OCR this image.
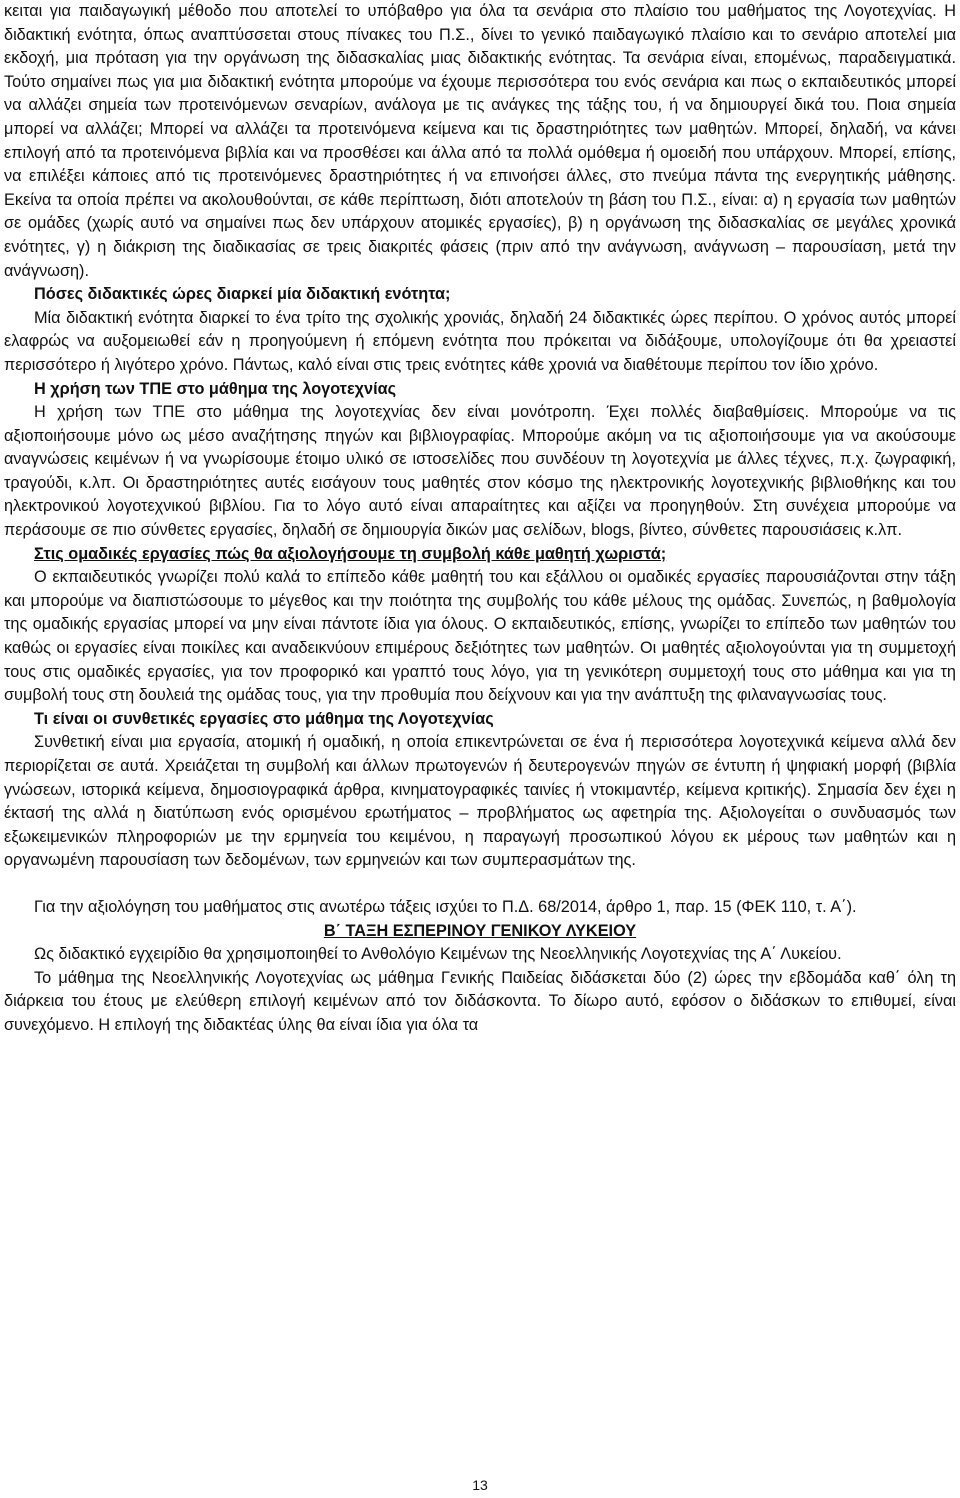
κειται για παιδαγωγική μέθοδο που αποτελεί το υπόβαθρο για όλα τα σενάρια στο πλαίσιο του μαθήματος της Λογοτεχνίας. Η διδακτική ενότητα, όπως αναπτύσσεται στους πίνακες του Π.Σ., δίνει το γενικό παιδαγωγικό πλαίσιο και το σενάριο αποτελεί μια εκδοχή, μια πρόταση για την οργάνωση της διδασκαλίας μιας διδακτικής ενότητας. Τα σενάρια είναι, επομένως, παραδειγματικά. Τούτο σημαίνει πως για μια διδακτική ενότητα μπορούμε να έχουμε περισσότερα του ενός σενάρια και πως ο εκπαιδευτικός μπορεί να αλλάζει σημεία των προτεινόμενων σεναρίων, ανάλογα με τις ανάγκες της τάξης του, ή να δημιουργεί δικά του. Ποια σημεία μπορεί να αλλάζει; Μπορεί να αλλάζει τα προτεινόμενα κείμενα και τις δραστηριότητες των μαθητών. Μπορεί, δηλαδή, να κάνει επιλογή από τα προτεινόμενα βιβλία και να προσθέσει και άλλα από τα πολλά ομόθεμα ή ομοειδή που υπάρχουν. Μπορεί, επίσης, να επιλέξει κάποιες από τις προτεινόμενες δραστηριότητες ή να επινοήσει άλλες, στο πνεύμα πάντα της ενεργητικής μάθησης. Εκείνα τα οποία πρέπει να ακολουθούνται, σε κάθε περίπτωση, διότι αποτελούν τη βάση του Π.Σ., είναι: α) η εργασία των μαθητών σε ομάδες (χωρίς αυτό να σημαίνει πως δεν υπάρχουν ατομικές εργασίες), β) η οργάνωση της διδασκαλίας σε μεγάλες χρονικά ενότητες, γ) η διάκριση της διαδικασίας σε τρεις διακριτές φάσεις (πριν από την ανάγνωση, ανάγνωση – παρουσίαση, μετά την ανάγνωση).

Πόσες διδακτικές ώρες διαρκεί μία διδακτική ενότητα;

Μία διδακτική ενότητα διαρκεί το ένα τρίτο της σχολικής χρονιάς, δηλαδή 24 διδακτικές ώρες περίπου. Ο χρόνος αυτός μπορεί ελαφρώς να αυξομειωθεί εάν η προηγούμενη ή επόμενη ενότητα που πρόκειται να διδάξουμε, υπολογίζουμε ότι θα χρειαστεί περισσότερο ή λιγότερο χρόνο. Πάντως, καλό είναι στις τρεις ενότητες κάθε χρονιά να διαθέτουμε περίπου τον ίδιο χρόνο.

Η χρήση των ΤΠΕ στο μάθημα της λογοτεχνίας

Η χρήση των ΤΠΕ στο μάθημα της λογοτεχνίας δεν είναι μονότροπη. Έχει πολλές διαβαθμίσεις. Μπορούμε να τις αξιοποιήσουμε μόνο ως μέσο αναζήτησης πηγών και βιβλιογραφίας. Μπορούμε ακόμη να τις αξιοποιήσουμε για να ακούσουμε αναγνώσεις κειμένων ή να γνωρίσουμε έτοιμο υλικό σε ιστοσελίδες που συνδέουν τη λογοτεχνία με άλλες τέχνες, π.χ. ζωγραφική, τραγούδι, κ.λπ. Οι δραστηριότητες αυτές εισάγουν τους μαθητές στον κόσμο της ηλεκτρονικής λογοτεχνικής βιβλιοθήκης και του ηλεκτρονικού λογοτεχνικού βιβλίου. Για το λόγο αυτό είναι απαραίτητες και αξίζει να προηγηθούν. Στη συνέχεια μπορούμε να περάσουμε σε πιο σύνθετες εργασίες, δηλαδή σε δημιουργία δικών μας σελίδων, blogs, βίντεο, σύνθετες παρουσιάσεις κ.λπ.

Στις ομαδικές εργασίες πώς θα αξιολογήσουμε τη συμβολή κάθε μαθητή χωριστά;

Ο εκπαιδευτικός γνωρίζει πολύ καλά το επίπεδο κάθε μαθητή του και εξάλλου οι ομαδικές εργασίες παρουσιάζονται στην τάξη και μπορούμε να διαπιστώσουμε το μέγεθος και την ποιότητα της συμβολής του κάθε μέλους της ομάδας. Συνεπώς, η βαθμολογία της ομαδικής εργασίας μπορεί να μην είναι πάντοτε ίδια για όλους. Ο εκπαιδευτικός, επίσης, γνωρίζει το επίπεδο των μαθητών του καθώς οι εργασίες είναι ποικίλες και αναδεικνύουν επιμέρους δεξιότητες των μαθητών. Οι μαθητές αξιολογούνται για τη συμμετοχή τους στις ομαδικές εργασίες, για τον προφορικό και γραπτό τους λόγο, για τη γενικότερη συμμετοχή τους στο μάθημα και για τη συμβολή τους στη δουλειά της ομάδας τους, για την προθυμία που δείχνουν και για την ανάπτυξη της φιλαναγνωσίας τους.

Τι είναι οι συνθετικές εργασίες στο μάθημα της Λογοτεχνίας

Συνθετική είναι μια εργασία, ατομική ή ομαδική, η οποία επικεντρώνεται σε ένα ή περισσότερα λογοτεχνικά κείμενα αλλά δεν περιορίζεται σε αυτά. Χρειάζεται τη συμβολή και άλλων πρωτογενών ή δευτερογενών πηγών σε έντυπη ή ψηφιακή μορφή (βιβλία γνώσεων, ιστορικά κείμενα, δημοσιογραφικά άρθρα, κινηματογραφικές ταινίες ή ντοκιμαντέρ, κείμενα κριτικής). Σημασία δεν έχει η έκτασή της αλλά η διατύπωση ενός ορισμένου ερωτήματος – προβλήματος ως αφετηρία της. Αξιολογείται ο συνδυασμός των εξωκειμενικών πληροφοριών με την ερμηνεία του κειμένου, η παραγωγή προσωπικού λόγου εκ μέρους των μαθητών και η οργανωμένη παρουσίαση των δεδομένων, των ερμηνειών και των συμπερασμάτων της.

Για την αξιολόγηση του μαθήματος στις ανωτέρω τάξεις ισχύει το Π.Δ. 68/2014, άρθρο 1, παρ. 15 (ΦΕΚ 110, τ. Α΄).

Β΄ ΤΑΞΗ ΕΣΠΕΡΙΝΟΥ ΓΕΝΙΚΟΥ ΛΥΚΕΙΟΥ

Ως διδακτικό εγχειρίδιο θα χρησιμοποιηθεί το Ανθολόγιο Κειμένων της Νεοελληνικής Λογοτεχνίας της Α΄ Λυκείου.

Το μάθημα της Νεοελληνικής Λογοτεχνίας ως μάθημα Γενικής Παιδείας διδάσκεται δύο (2) ώρες την εβδομάδα καθ΄ όλη τη διάρκεια του έτους με ελεύθερη επιλογή κειμένων από τον διδάσκοντα. Το δίωρο αυτό, εφόσον ο διδάσκων το επιθυμεί, είναι συνεχόμενο. Η επιλογή της διδακτέας ύλης θα είναι ίδια για όλα τα

13
